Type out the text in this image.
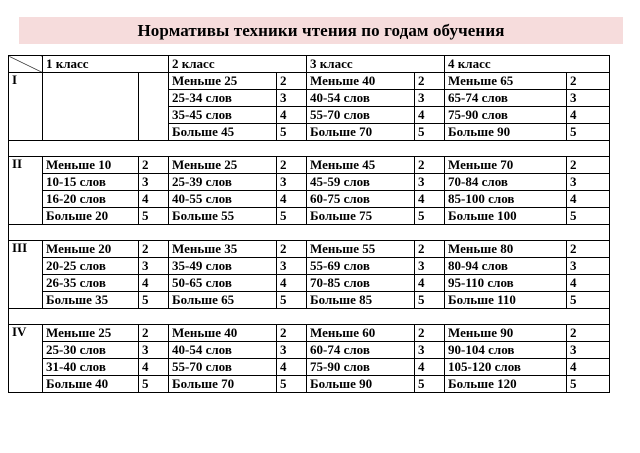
Нормативы техники чтения по годам обучения
	1 класс		2 класс		3 класс		4 класс		
I			Меньше 25	2	Меньше 40	2	Меньше 65	2	
			25-34 слов	3	40-54 слов	3	65-74 слов	3	
			35-45 слов	4	55-70 слов	4	75-90 слов	4	
			Больше 45	5	Больше 70	5	Больше 90	5	

II	Меньше 10	2	Меньше 25	2	Меньше 45	2	Меньше 70	2	
	10-15 слов	3	25-39 слов	3	45-59 слов	3	70-84 слов	3	
	16-20 слов	4	40-55 слов	4	60-75 слов	4	85-100 слов	4	
	Больше 20	5	Больше 55	5	Больше 75	5	Больше 100	5	

III	Меньше 20	2	Меньше 35	2	Меньше 55	2	Меньше 80	2	
	20-25 слов	3	35-49 слов	3	55-69 слов	3	80-94 слов	3	
	26-35 слов	4	50-65 слов	4	70-85 слов	4	95-110 слов	4	
	Больше 35	5	Больше 65	5	Больше 85	5	Больше 110	5	

IV	Меньше 25	2	Меньше 40	2	Меньше 60	2	Меньше 90	2	
	25-30 слов	3	40-54 слов	3	60-74 слов	3	90-104 слов	3	
	31-40 слов	4	55-70 слов	4	75-90 слов	4	105-120 слов	4	
	Больше 40	5	Больше 70	5	Больше 90	5	Больше 120	5	
